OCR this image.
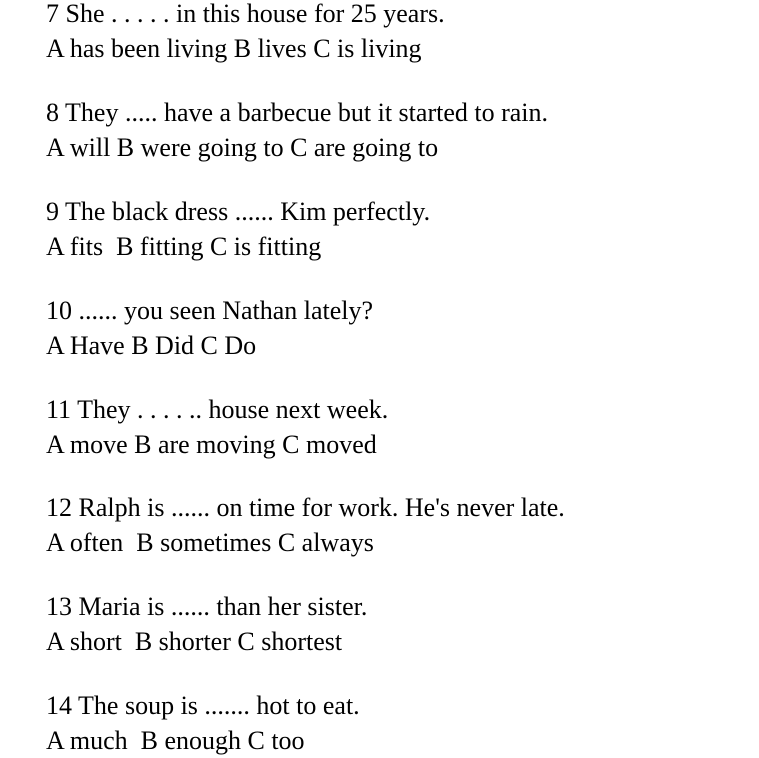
7 She . . . . . in this house for 25 years.
A has been living B lives C is living
8 They ..... have a barbecue but it started to rain.
A will B were going to C are going to
9 The black dress ...... Kim perfectly.
A fits  B fitting C is fitting
10 ...... you seen Nathan lately?
A Have B Did C Do
11 They . . . . .. house next week.
A move B are moving C moved
12 Ralph is ...... on time for work. He's never late.
A often  B sometimes C always
13 Maria is ...... than her sister.
A short  B shorter C shortest
14 The soup is ....... hot to eat.
A much  B enough C too
